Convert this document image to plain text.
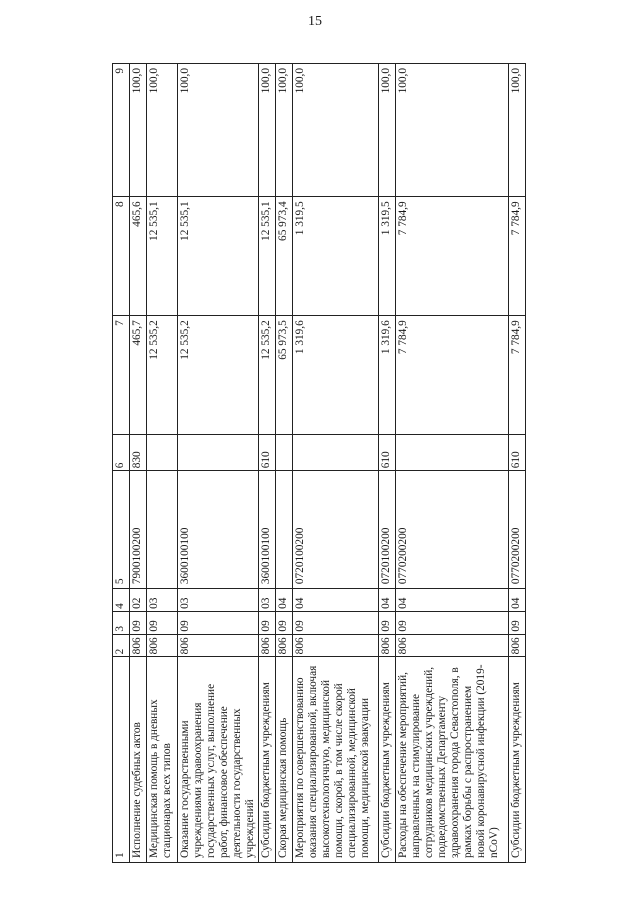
15
1	2	3	4	5	6	7	8	9
Исполнение судебных актов	806	09	02	7900100200	830	465,7	465,6	100,0
Медицинская помощь в дневных стационарах всех типов	806	09	03			12 535,2	12 535,1	100,0
Оказание государственными учреждениями здравоохранения государственных услуг, выполнение работ, финансовое обеспечение деятельности государственных учреждений	806	09	03	3600100100		12 535,2	12 535,1	100,0
Субсидии бюджетным учреждениям	806	09	03	3600100100	610	12 535,2	12 535,1	100,0
Скорая медицинская помощь	806	09	04			65 973,5	65 973,4	100,0
Мероприятия по совершенствованию оказания специализированной, включая высокотехнологичную, медицинской помощи, скорой, в том числе скорой специализированной, медицинской помощи, медицинской эвакуации	806	09	04	0720100200		1 319,6	1 319,5	100,0
Субсидии бюджетным учреждениям	806	09	04	0720100200	610	1 319,6	1 319,5	100,0
Расходы на обеспечение мероприятий, направленных на стимулирование сотрудников медицинских учреждений, подведомственных Департаменту здравоохранения города Севастополя, в рамках борьбы с распространением новой коронавирусной инфекции (2019-nCoV)	806	09	04	0770200200		7 784,9	7 784,9	100,0
Субсидии бюджетным учреждениям	806	09	04	0770200200	610	7 784,9	7 784,9	100,0
